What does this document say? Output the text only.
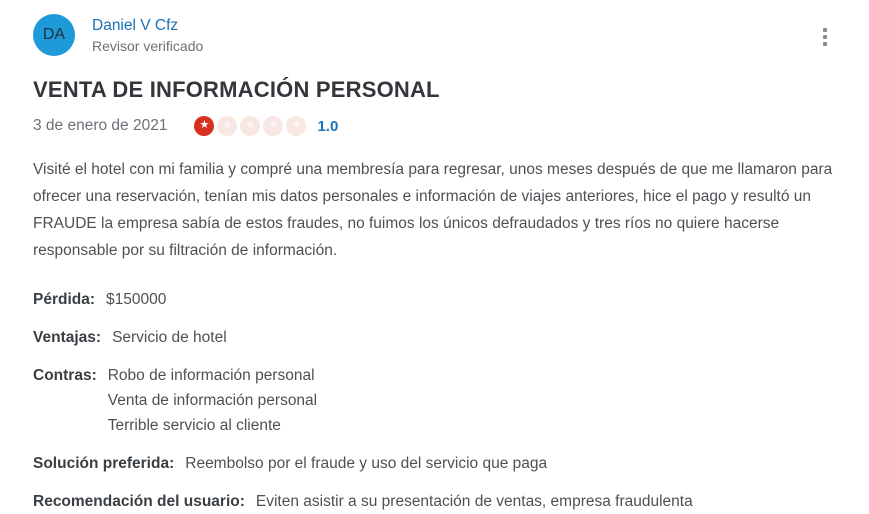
DA
Daniel V Cfz
Revisor verificado
VENTA DE INFORMACIÓN PERSONAL
3 de enero de 2021	★	★	★	★	★	1.0

Visité el hotel con mi familia y compré una membresía para regresar, unos meses después de que me llamaron para ofrecer una reservación, tenían mis datos personales e información de viajes anteriores, hice el pago y resultó un FRAUDE la empresa sabía de estos fraudes, no fuimos los únicos defraudados y tres ríos no quiere hacerse responsable por su filtración de información.

Pérdida: $150000
Ventajas: Servicio de hotel
Contras: Robo de información personal
Venta de información personal
Terrible servicio al cliente
Solución preferida: Reembolso por el fraude y uso del servicio que paga
Recomendación del usuario: Eviten asistir a su presentación de ventas, empresa fraudulenta
